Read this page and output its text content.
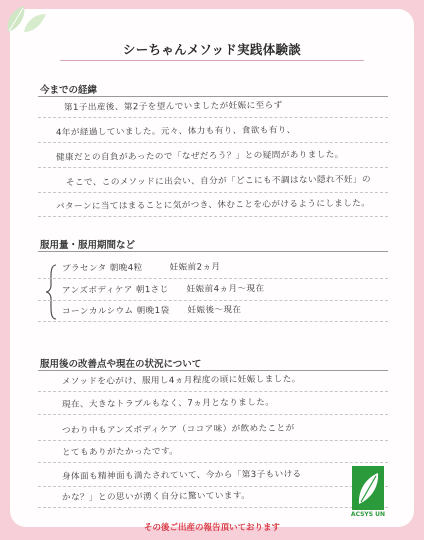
シーちゃんメソッド実践体験談
今までの経緯
第1子出産後、第2子を望んでいましたが妊娠に至らず
4年が経過していました。元々、体力も有り、食欲も有り、
健康だとの自負があったので「なぜだろう？」との疑問がありました。
そこで、このメソッドに出会い、自分が「どこにも不調はない隠れ不妊」の
パターンに当てはまることに気がつき、休むことを心がけるようにしました。
服用量・服用期間など
プラセンタ 朝晩4粒　　　妊娠前2ヵ月
アンズボディケア 朝1さじ　　妊娠前4ヵ月～現在
コーンカルシウム 朝晩1袋　　妊娠後～現在
服用後の改善点や現在の状況について
メソッドを心がけ、服用し4ヵ月程度の頃に妊娠しました。
現在、大きなトラブルもなく、7ヵ月となりました。
つわり中もアンズボディケア（ココア味）が飲めたことが
とてもありがたかったです。
身体面も精神面も満たされていて、今から「第3子もいける
かな？」との思いが湧く自分に驚いています。
ACSYS UN
その後ご出産の報告頂いております
